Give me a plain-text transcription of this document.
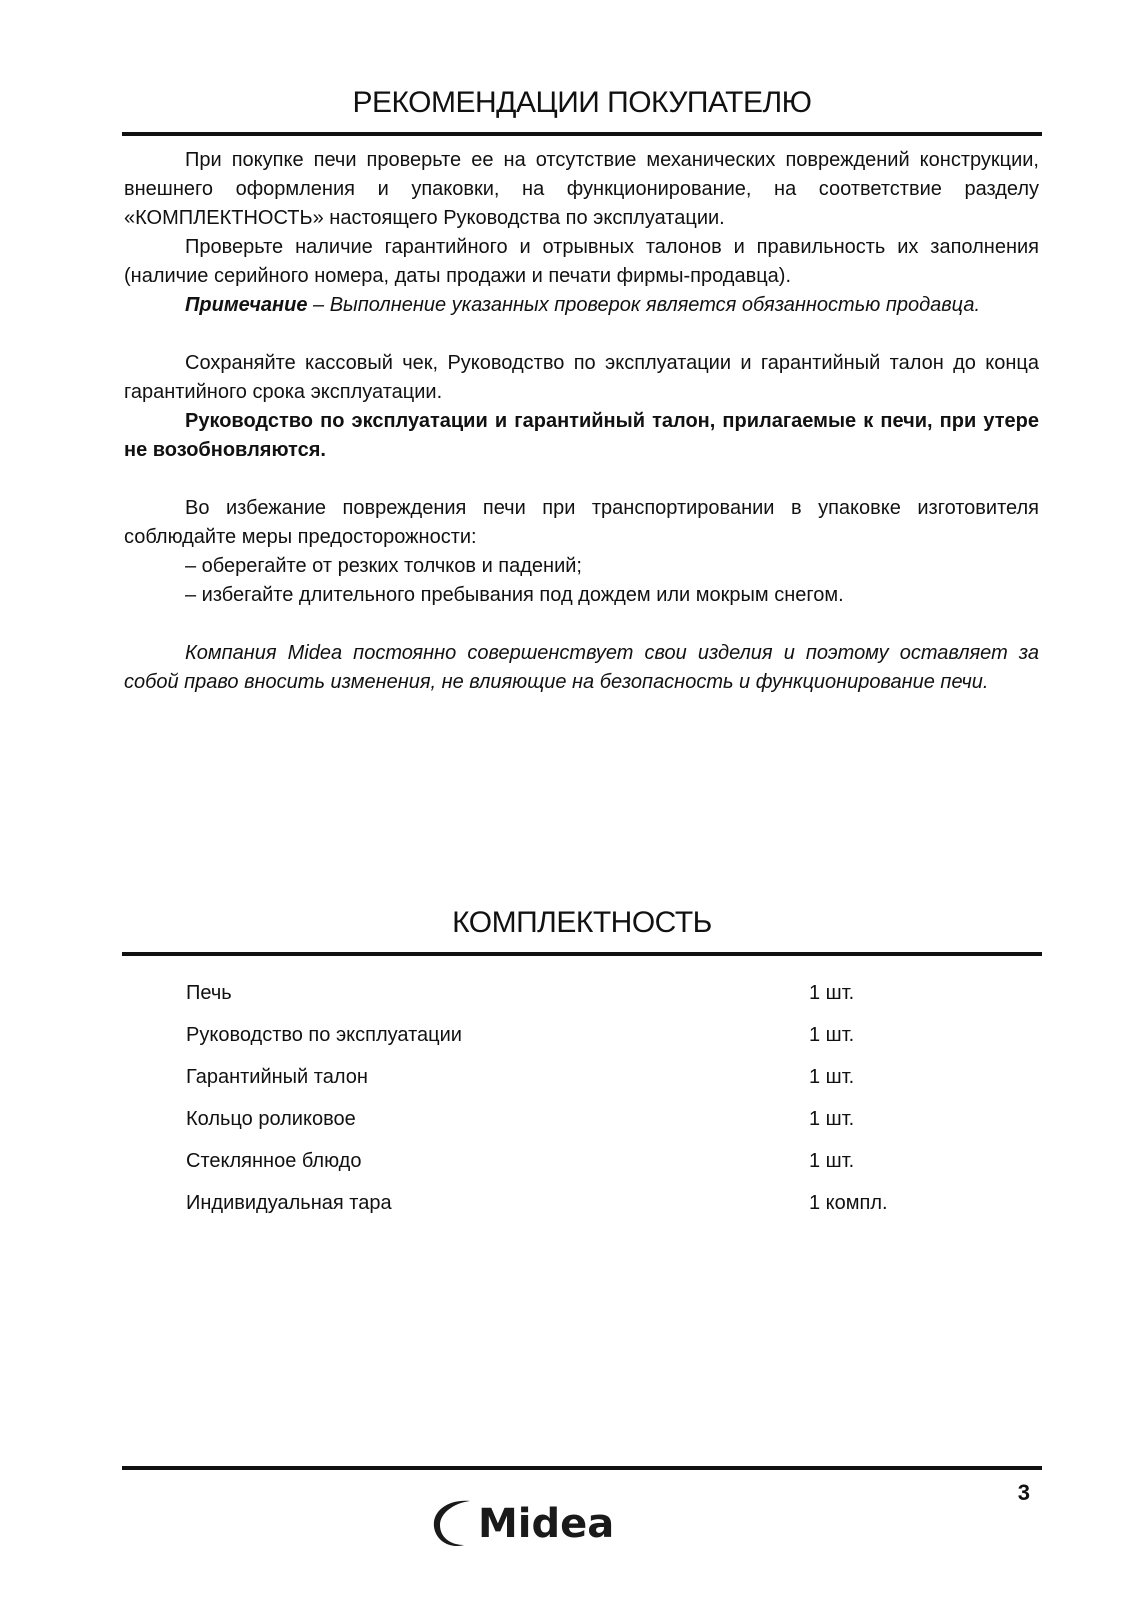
РЕКОМЕНДАЦИИ ПОКУПАТЕЛЮ

При покупке печи проверьте ее на отсутствие механических повреждений конструкции, внешнего оформления и упаковки, на функционирование, на соответствие разделу «КОМПЛЕКТНОСТЬ» настоящего Руководства по эксплуатации.

Проверьте наличие гарантийного и отрывных талонов и правильность их заполнения (наличие серийного номера, даты продажи и печати фирмы-продавца).

Примечание – Выполнение указанных проверок является обязанностью продавца.

Сохраняйте кассовый чек, Руководство по эксплуатации и гарантийный талон до конца гарантийного срока эксплуатации.

Руководство по эксплуатации и гарантийный талон, прилагаемые к печи, при утере не возобновляются.

Во избежание повреждения печи при транспортировании в упаковке изготовителя соблюдайте меры предосторожности:

– оберегайте от резких толчков и падений;

– избегайте длительного пребывания под дождем или мокрым снегом.

Компания Midea постоянно совершенствует свои изделия и поэтому оставляет за собой право вносить изменения, не влияющие на безопасность и функционирование печи.

КОМПЛЕКТНОСТЬ
Печь	1 шт.
Руководство по эксплуатации	1 шт.
Гарантийный талон	1 шт.
Кольцо роликовое	1 шт.
Стеклянное блюдо	1 шт.
Индивидуальная тара	1 компл.
3
Midea
